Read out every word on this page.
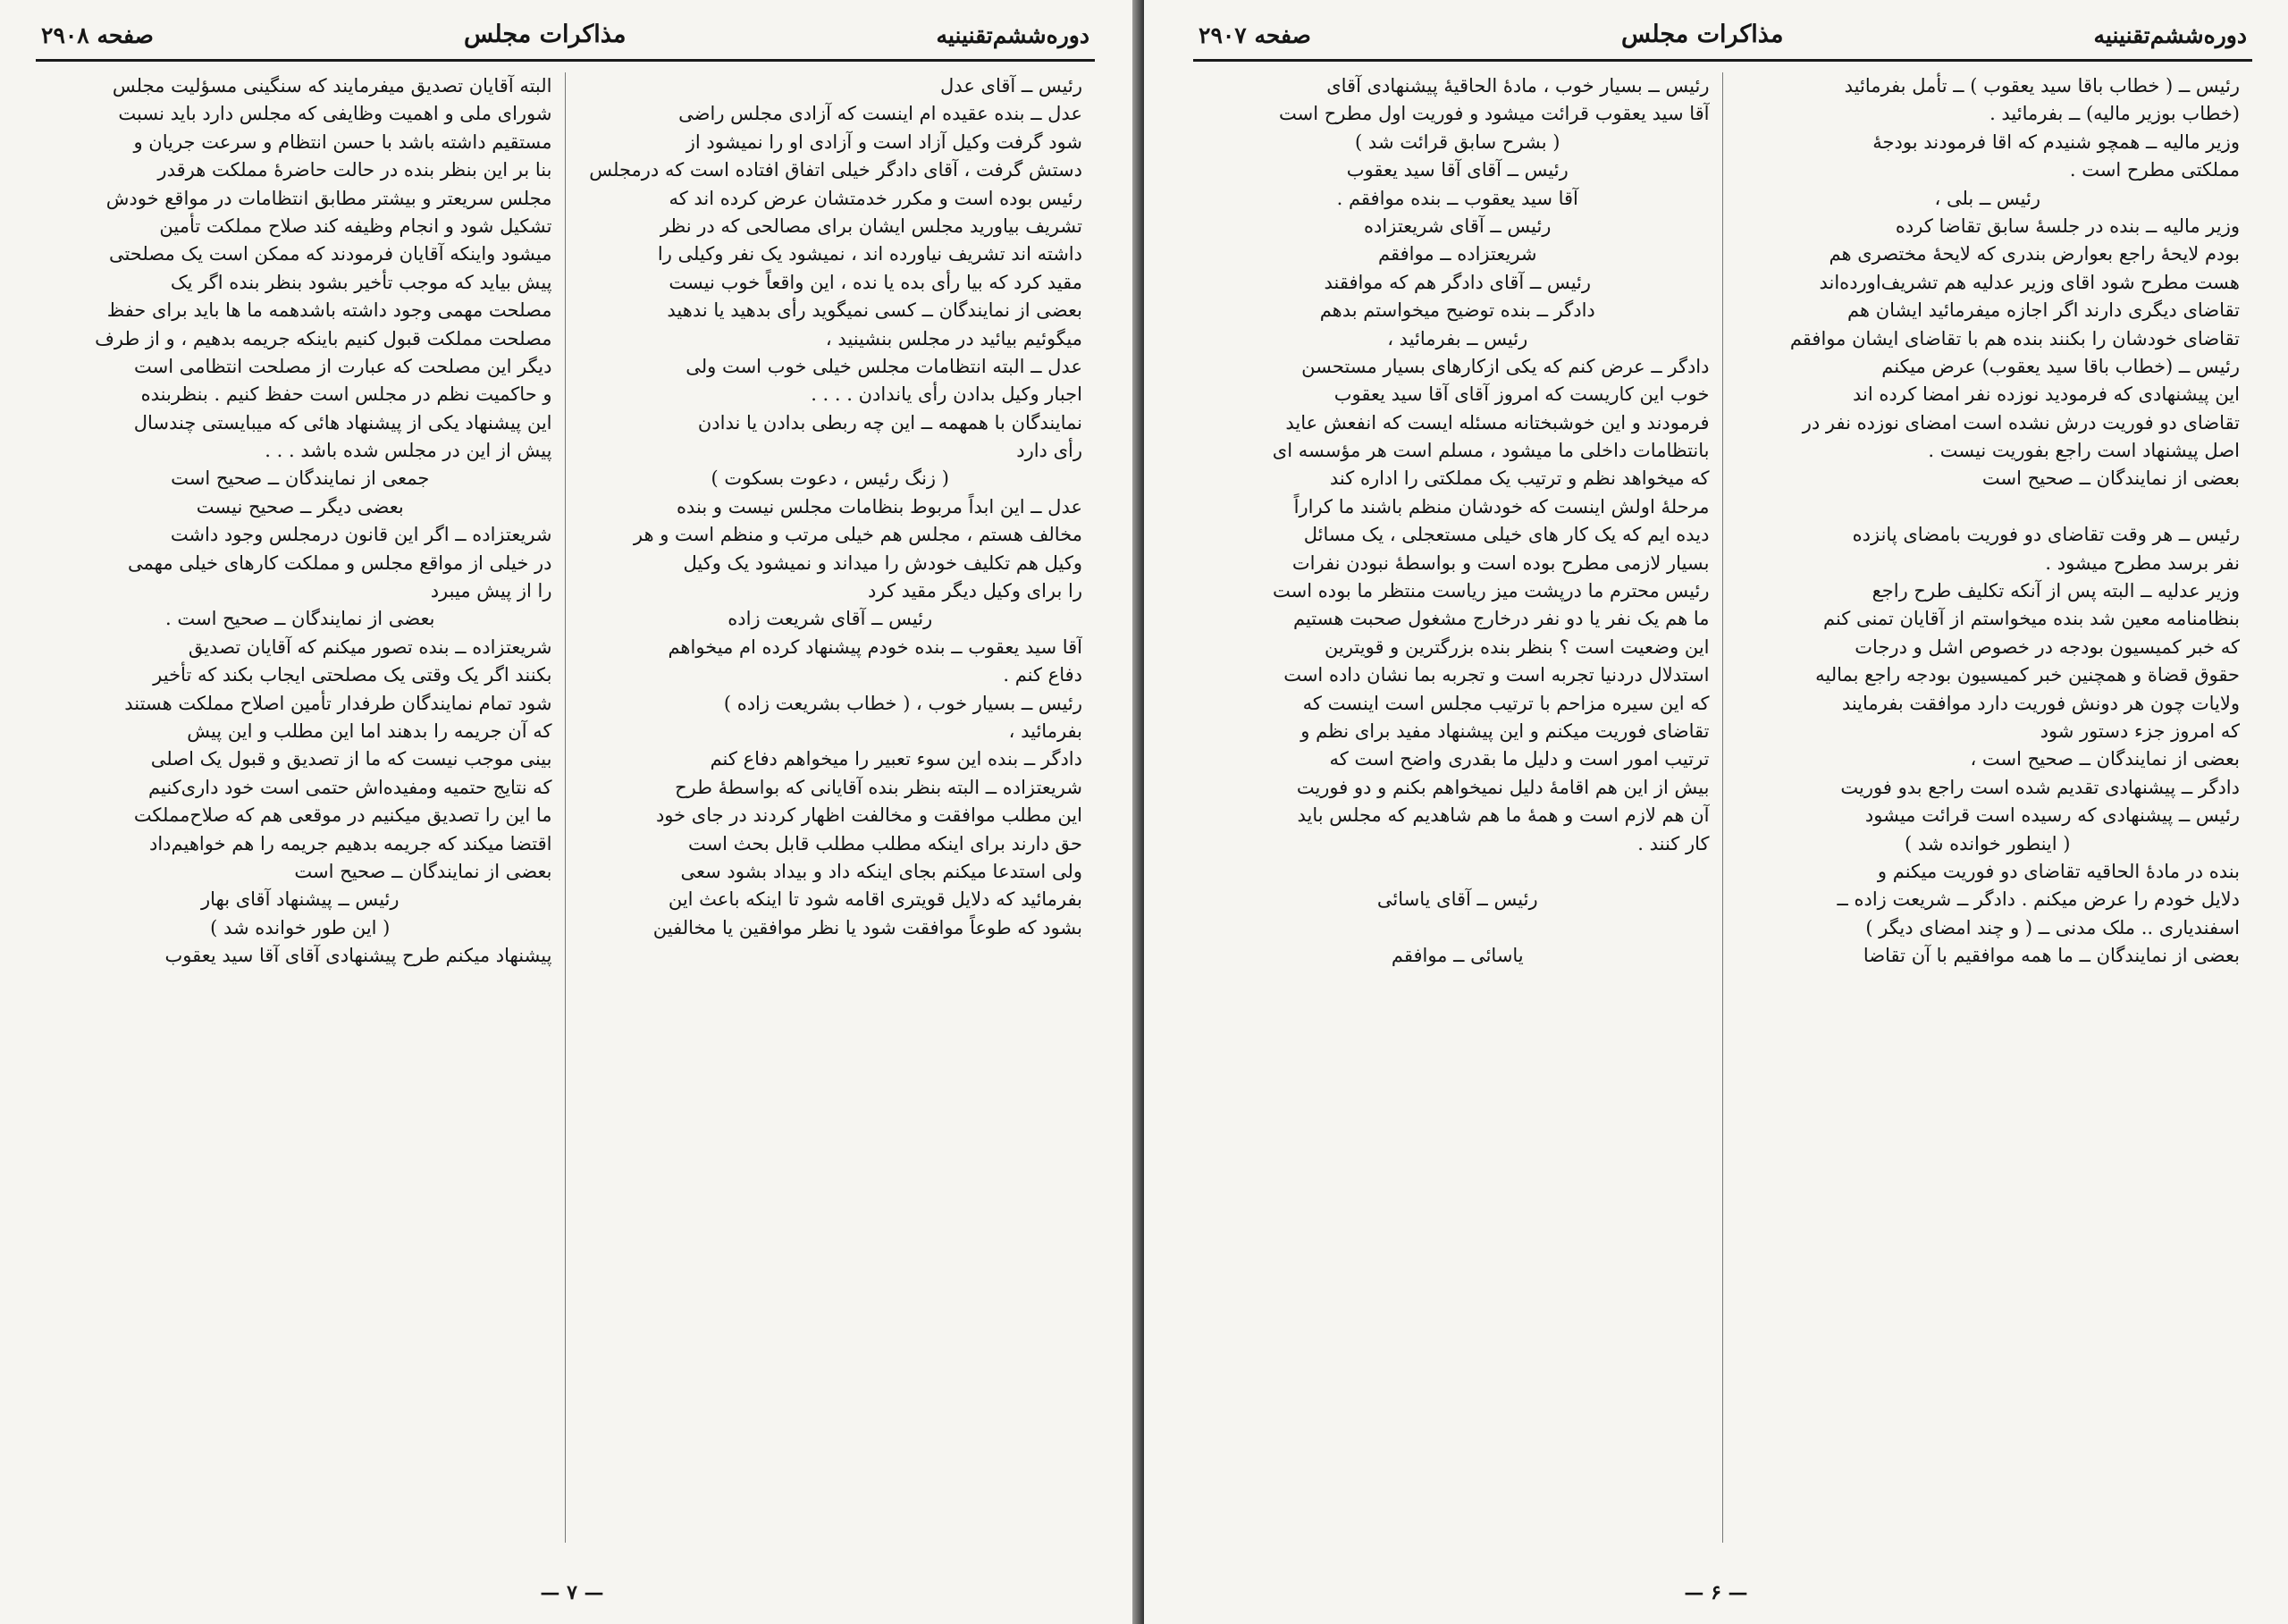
دوره‌ششم‌تقنینیه
مذاکرات مجلس
صفحه ۲۹۰۷
رئیس ــ ( خطاب باقا سید یعقوب ) ــ تأمل بفرمائید
(خطاب بوزیر مالیه) ــ بفرمائید .
وزیر مالیه ــ همچو شنیدم که اقا فرمودند بودجهٔ
مملکتی مطرح است .
رئیس ــ بلی ،
وزیر مالیه ــ بنده در جلسهٔ سابق تقاضا کرده
بودم لایحهٔ راجع بعوارض بندری که لایحهٔ مختصری هم
هست مطرح شود اقای وزیر عدلیه هم تشریف‌اورده‌اند
تقاضای دیگری دارند اگر اجازه میفرمائید ایشان هم
تقاضای خودشان را بکنند بنده هم با تقاضای ایشان موافقم
رئیس ــ (خطاب باقا سید یعقوب) عرض میکنم
این پیشنهادی که فرمودید نوزده نفر امضا کرده اند
تقاضای دو فوریت درش نشده است امضای نوزده نفر در
اصل پیشنهاد است راجع بفوریت نیست .
بعضی از نمایندگان ــ صحیح است
رئیس ــ هر وقت تقاضای دو فوریت بامضای پانزده
نفر برسد مطرح میشود .
وزیر عدلیه ــ البته پس از آنکه تکلیف طرح راجع
بنظامنامه معین شد بنده میخواستم از آقایان تمنی کنم
که خبر کمیسیون بودجه در خصوص اشل و درجات
حقوق قضاة و همچنین خبر کمیسیون بودجه راجع بمالیه
ولایات چون هر دونش فوریت دارد موافقت بفرمایند
که امروز جزء دستور شود
بعضی از نمایندگان ــ صحیح است ،
دادگر ــ پیشنهادی تقدیم شده است راجع بدو فوریت
رئیس ــ پیشنهادی که رسیده است قرائت میشود
( اینطور خوانده شد )
بنده در مادهٔ الحاقیه تقاضای دو فوریت میکنم و
دلایل خودم را عرض میکنم . دادگر ــ شریعت زاده ــ
اسفندیاری .. ملک مدنی ــ ( و چند امضای دیگر )
بعضی از نمایندگان ــ ما همه موافقیم با آن تقاضا
رئیس ــ بسیار خوب ، مادهٔ الحاقیهٔ پیشنهادی آقای
آقا سید یعقوب قرائت میشود و فوریت اول مطرح است
( بشرح سابق قرائت شد )
رئیس ــ آقای آقا سید یعقوب
آقا سید یعقوب ــ بنده موافقم .
رئیس ــ آقای شریعتزاده
شریعتزاده ــ موافقم
رئیس ــ آقای دادگر هم که موافقند
دادگر ــ بنده توضیح میخواستم بدهم
رئیس ــ بفرمائید ،
دادگر ــ عرض کنم که یکی ازکارهای بسیار مستحسن
خوب این کاریست که امروز آقای آقا سید یعقوب
فرمودند و این خوشبختانه مسئله ایست که انفعش عاید
بانتظامات داخلی ما میشود ، مسلم است هر مؤسسه ای
که میخواهد نظم و ترتیب یک مملکتی را اداره کند
مرحلهٔ اولش اینست که خودشان منظم باشند ما کراراً
دیده ایم که یک کار های خیلی مستعجلی ، یک مسائل
بسیار لازمی مطرح بوده است و بواسطهٔ نبودن نفرات
رئیس محترم ما درپشت میز ریاست منتظر ما بوده است
ما هم یک نفر یا دو نفر درخارج مشغول صحبت هستیم
این وضعیت است ؟ بنظر بنده بزرگترین و قویترین
استدلال دردنیا تجربه است و تجربه بما نشان داده است
که این سیره مزاحم با ترتیب مجلس است اینست که
تقاضای فوریت میکنم و این پیشنهاد مفید برای نظم و
ترتیب امور است و دلیل ما بقدری واضح است که
بیش از این هم اقامهٔ دلیل نمیخواهم بکنم و دو فوریت
آن هم لازم است و همهٔ ما هم شاهدیم که مجلس باید
کار کنند .
رئیس ــ آقای یاسائی
یاسائی ــ موافقم
— ۶ —
دوره‌ششم‌تقنینیه
مذاکرات مجلس
صفحه ۲۹۰۸
رئیس ــ آقای عدل
عدل ــ بنده عقیده ام اینست که آزادی مجلس راضی
شود گرفت وکیل آزاد است و آزادی او را نمیشود از
دستش گرفت ، آقای دادگر خیلی اتفاق افتاده است که درمجلس
رئیس بوده است و مکرر خدمتشان عرض کرده اند که
تشریف بیاورید مجلس ایشان برای مصالحی که در نظر
داشته اند تشریف نیاورده اند ، نمیشود یک نفر وکیلی را
مقید کرد که بیا رأی بده یا نده ، این واقعاً خوب نیست
بعضی از نمایندگان ــ کسی نمیگوید رأی بدهید یا ندهید
میگوئیم بیائید در مجلس بنشینید ،
عدل ــ البته انتظامات مجلس خیلی خوب است ولی
اجبار وکیل بدادن رأی یاندادن . . . .
نمایندگان با همهمه ــ این چه ربطی بدادن یا ندادن
رأی دارد
( زنگ رئیس ، دعوت بسکوت )
عدل ــ این ابداً مربوط بنظامات مجلس نیست و بنده
مخالف هستم ، مجلس هم خیلی مرتب و منظم است و هر
وکیل هم تکلیف خودش را میداند و نمیشود یک وکیل
را برای وکیل دیگر مقید کرد
رئیس ــ آقای شریعت زاده
آقا سید یعقوب ــ بنده خودم پیشنهاد کرده ام میخواهم
دفاع کنم .
رئیس ــ بسیار خوب ، ( خطاب بشریعت زاده )
بفرمائید ،
دادگر ــ بنده این سوء تعبیر را میخواهم دفاع کنم
شریعتزاده ــ البته بنظر بنده آقایانی که بواسطهٔ طرح
این مطلب موافقت و مخالفت اظهار کردند در جای خود
حق دارند برای اینکه مطلب مطلب قابل بحث است
ولی استدعا میکنم بجای اینکه داد و بیداد بشود سعی
بفرمائید که دلایل قویتری اقامه شود تا اینکه باعث این
بشود که طوعاً موافقت شود یا نظر موافقین یا مخالفین
البته آقایان تصدیق میفرمایند که سنگینی مسؤلیت مجلس
شورای ملی و اهمیت وظایفی که مجلس دارد باید نسبت
مستقیم داشته باشد با حسن انتظام و سرعت جریان و
بنا بر این بنظر بنده در حالت حاضرهٔ مملکت هرقدر
مجلس سریعتر و بیشتر مطابق انتظامات در مواقع خودش
تشکیل شود و انجام وظیفه کند صلاح مملکت تأمین
میشود واینکه آقایان فرمودند که ممکن است یک مصلحتی
پیش بیاید که موجب تأخیر بشود بنظر بنده اگر یک
مصلحت مهمی وجود داشته باشدهمه ما ها باید برای حفظ
مصلحت مملکت قبول کنیم باینکه جریمه بدهیم ، و از طرف
دیگر این مصلحت که عبارت از مصلحت انتظامی است
و حاکمیت نظم در مجلس است حفظ کنیم . بنظربنده
این پیشنهاد یکی از پیشنهاد هائی که میبایستی چندسال
پیش از این در مجلس شده باشد . . .
جمعی از نمایندگان ــ صحیح است
بعضی دیگر ــ صحیح نیست
شریعتزاده ــ اگر این قانون درمجلس وجود داشت
در خیلی از مواقع مجلس و مملکت کارهای خیلی مهمی
را از پیش میبرد
بعضی از نمایندگان ــ صحیح است .
شریعتزاده ــ بنده تصور میکنم که آقایان تصدیق
بکنند اگر یک وقتی یک مصلحتی ایجاب بکند که تأخیر
شود تمام نمایندگان طرفدار تأمین اصلاح مملکت هستند
که آن جریمه را بدهند اما این مطلب و این پیش
بینی موجب نیست که ما از تصدیق و قبول یک اصلی
که نتایج حتمیه ومفیده‌اش حتمی است خود داری‌کنیم
ما این را تصدیق میکنیم در موقعی هم که صلاح‌مملکت
اقتضا میکند که جریمه بدهیم جریمه را هم خواهیم‌داد
بعضی از نمایندگان ــ صحیح است
رئیس ــ پیشنهاد آقای بهار
( این طور خوانده شد )
پیشنهاد میکنم طرح پیشنهادی آقای آقا سید یعقوب
— ۷ —
